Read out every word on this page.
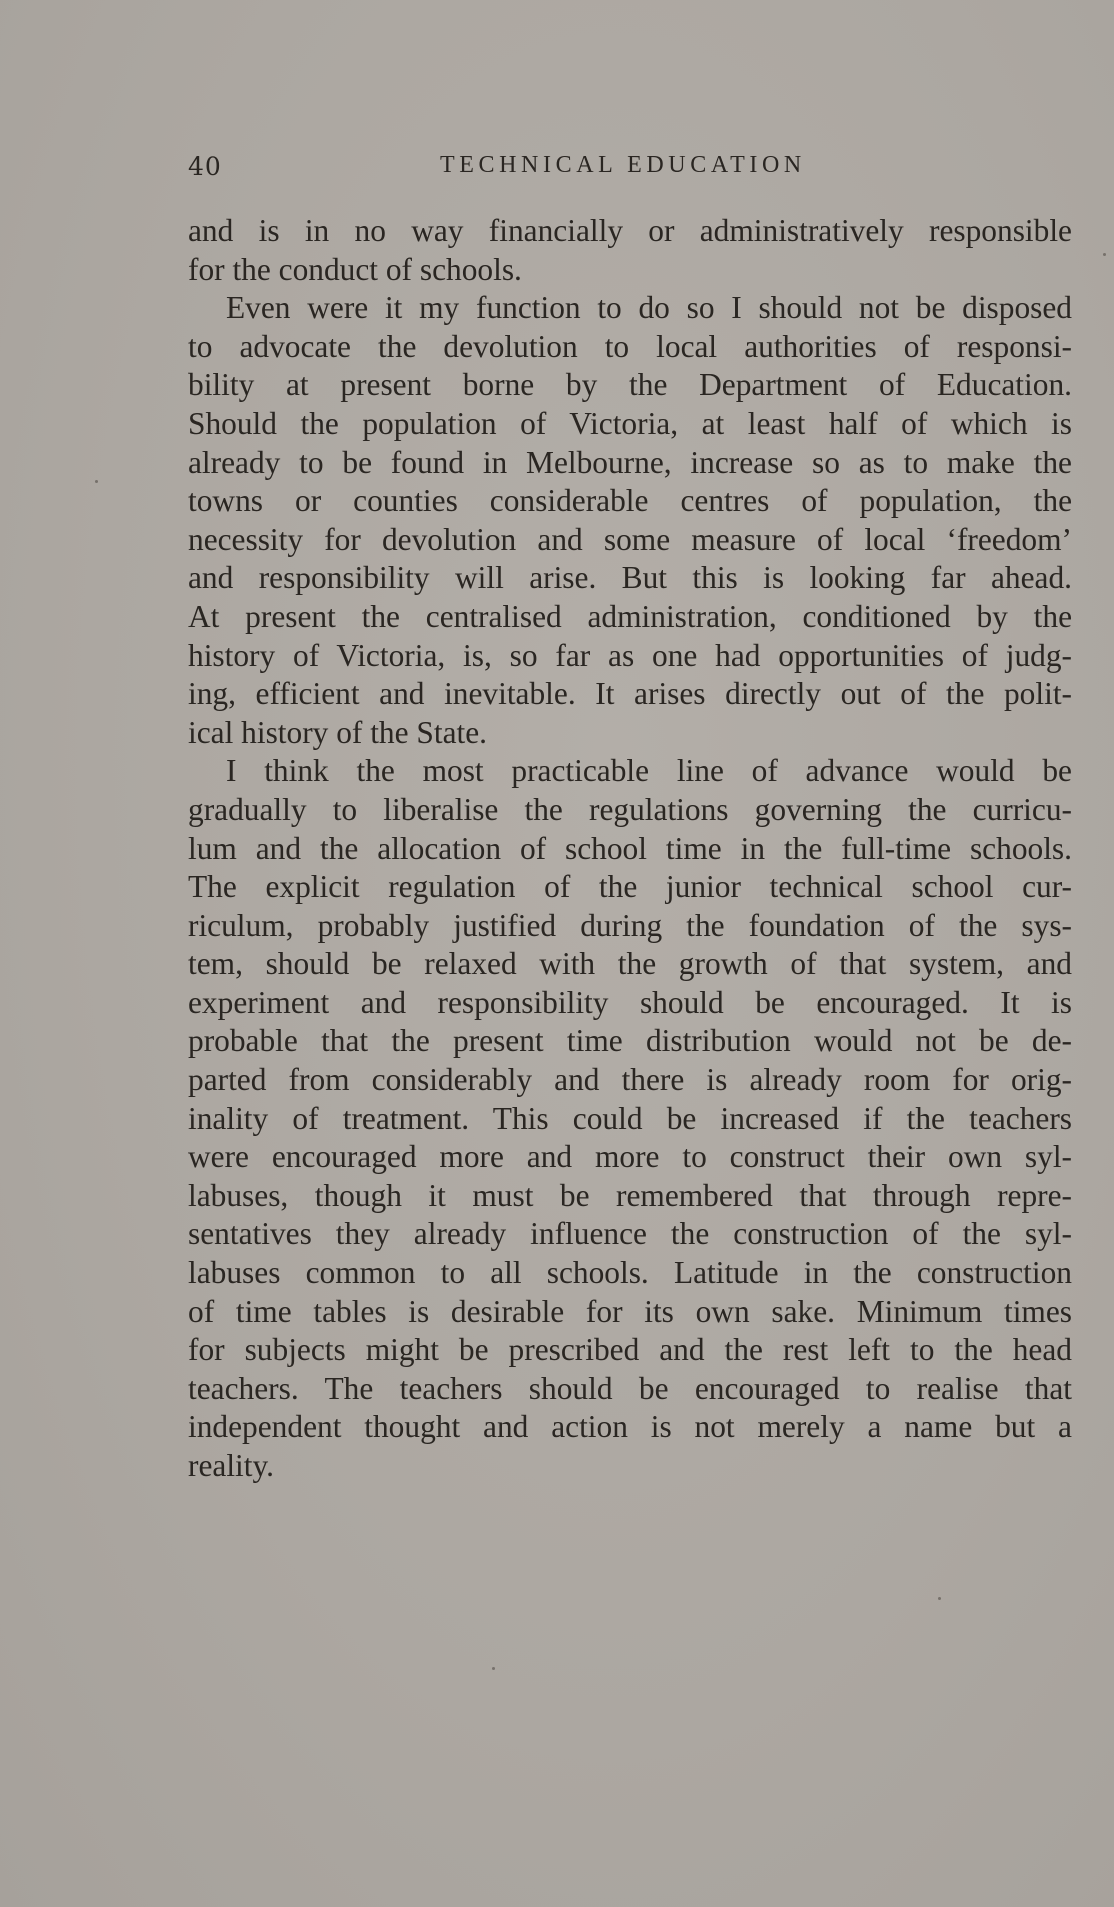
40	TECHNICAL EDUCATION
and is in no way financially or administratively responsible
for the conduct of schools.
Even were it my function to do so I should not be disposed
to advocate the devolution to local authorities of responsi-
bility at present borne by the Department of Education.
Should the population of Victoria, at least half of which is
already to be found in Melbourne, increase so as to make the
towns or counties considerable centres of population, the
necessity for devolution and some measure of local ‘freedom’
and responsibility will arise. But this is looking far ahead.
At present the centralised administration, conditioned by the
history of Victoria, is, so far as one had opportunities of judg-
ing, efficient and inevitable. It arises directly out of the polit-
ical history of the State.
I think the most practicable line of advance would be
gradually to liberalise the regulations governing the curricu-
lum and the allocation of school time in the full-time schools.
The explicit regulation of the junior technical school cur-
riculum, probably justified during the foundation of the sys-
tem, should be relaxed with the growth of that system, and
experiment and responsibility should be encouraged. It is
probable that the present time distribution would not be de-
parted from considerably and there is already room for orig-
inality of treatment. This could be increased if the teachers
were encouraged more and more to construct their own syl-
labuses, though it must be remembered that through repre-
sentatives they already influence the construction of the syl-
labuses common to all schools. Latitude in the construction
of time tables is desirable for its own sake. Minimum times
for subjects might be prescribed and the rest left to the head
teachers. The teachers should be encouraged to realise that
independent thought and action is not merely a name but a
reality.
